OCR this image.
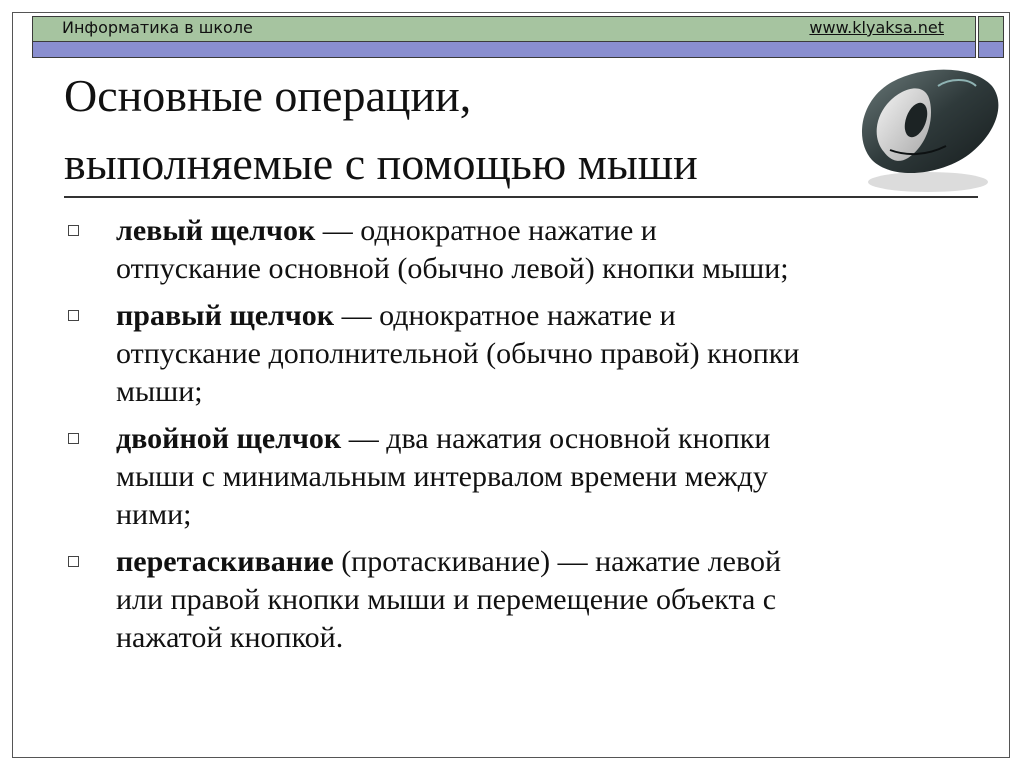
Информатика в школе	www.klyaksa.net
Основные операции,
выполняемые с помощью мыши
левый щелчок — однократное нажатие и
отпускание основной (обычно левой) кнопки мыши;
правый щелчок — однократное нажатие и
отпускание дополнительной (обычно правой) кнопки
мыши;
двойной щелчок — два нажатия основной кнопки
мыши с минимальным интервалом времени между
ними;
перетаскивание (протаскивание) — нажатие левой
или правой кнопки мыши и перемещение объекта с
нажатой кнопкой.
